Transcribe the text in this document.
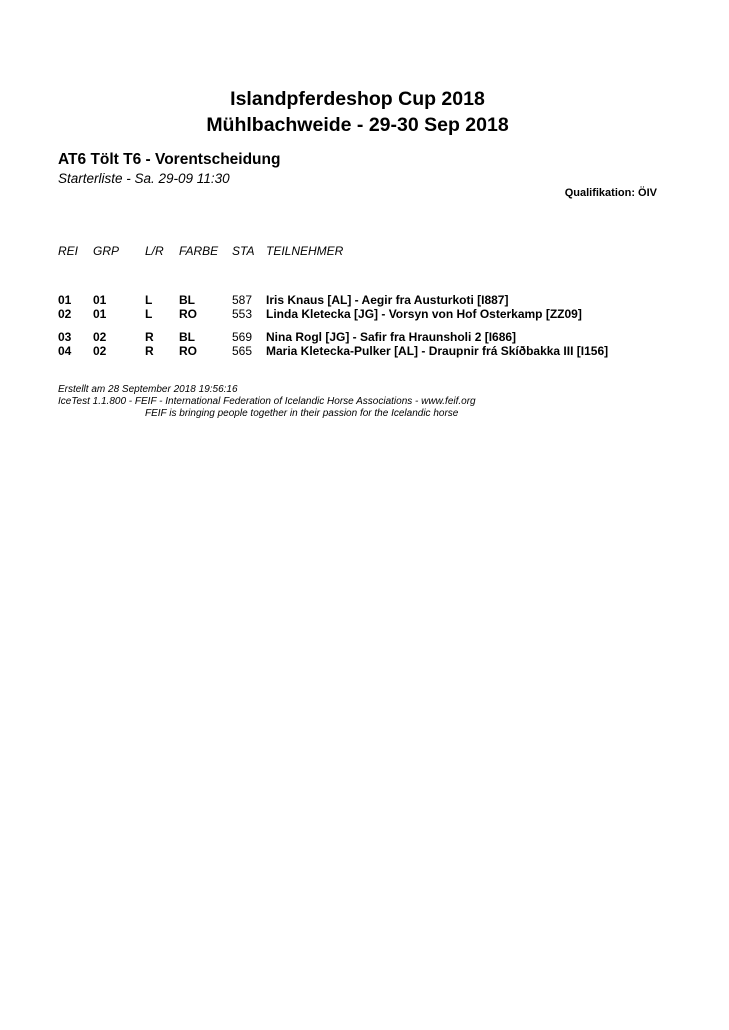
Islandpferdeshop Cup 2018
Mühlbachweide - 29-30 Sep 2018
AT6 Tölt T6 - Vorentscheidung
Starterliste - Sa. 29-09 11:30
Qualifikation: ÖIV
REI GRP L/R FARBE STA TEILNEHMER
01 01	L BL	587 Iris Knaus [AL] - Aegir fra Austurkoti [I887]
02 01	L RO	553 Linda Kletecka [JG] - Vorsyn von Hof Osterkamp [ZZ09]
03 02	R BL	569 Nina Rogl [JG] - Safir fra Hraunsholi 2 [I686]
04 02	R RO	565 Maria Kletecka-Pulker [AL] - Draupnir frá Skíðbakka III [I156]
Erstellt am 28 September 2018 19:56:16
IceTest 1.1.800 - FEIF - International Federation of Icelandic Horse Associations - www.feif.org
FEIF is bringing people together in their passion for the Icelandic horse
